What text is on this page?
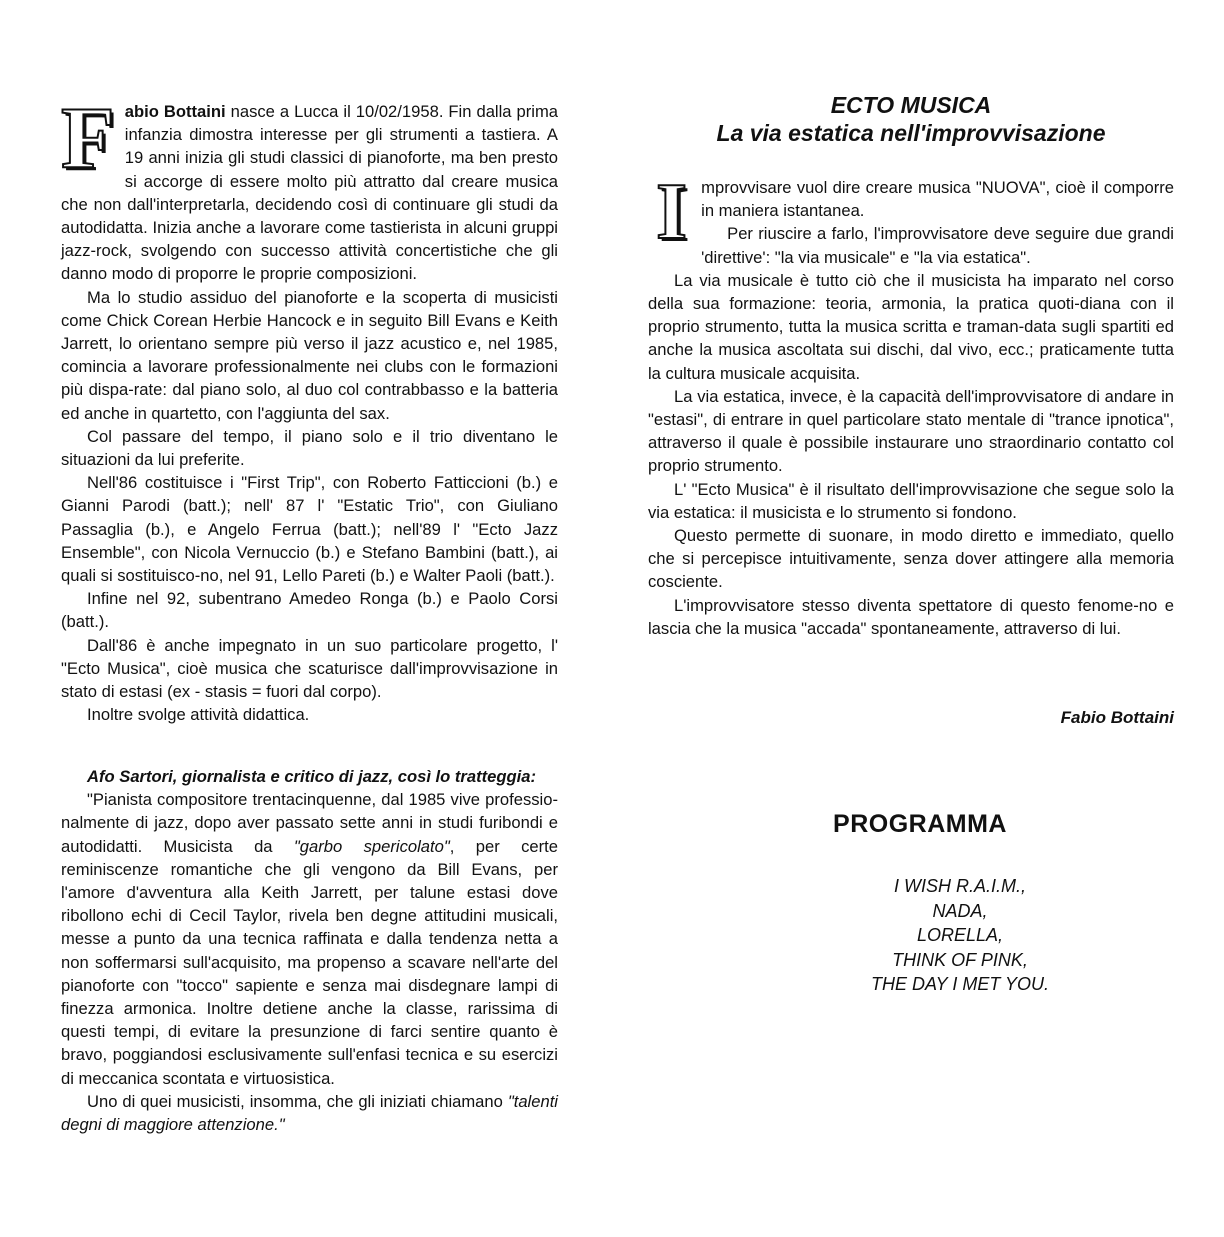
Fabio Bottaini nasce a Lucca il 10/02/1958. Fin dalla prima infanzia dimostra interesse per gli strumenti a tastiera. A 19 anni inizia gli studi classici di pianoforte, ma ben presto si accorge di essere molto più attratto dal creare musica che non dall'interpretarla, decidendo così di continuare gli studi da autodidatta. Inizia anche a lavorare come tastierista in alcuni gruppi jazz-rock, svolgendo con successo attività concertistiche che gli danno modo di proporre le proprie composizioni.

Ma lo studio assiduo del pianoforte e la scoperta di musicisti come Chick Corean Herbie Hancock e in seguito Bill Evans e Keith Jarrett, lo orientano sempre più verso il jazz acustico e, nel 1985, comincia a lavorare professionalmente nei clubs con le formazioni più dispa-rate: dal piano solo, al duo col contrabbasso e la batteria ed anche in quartetto, con l'aggiunta del sax.

Col passare del tempo, il piano solo e il trio diventano le situazioni da lui preferite.

Nell'86 costituisce i "First Trip", con Roberto Fatticcioni (b.) e Gianni Parodi (batt.); nell' 87 l' "Estatic Trio", con Giuliano Passaglia (b.), e Angelo Ferrua (batt.); nell'89 l' "Ecto Jazz Ensemble", con Nicola Vernuccio (b.) e Stefano Bambini (batt.), ai quali si sostituisco-no, nel 91, Lello Pareti (b.) e Walter Paoli (batt.).

Infine nel 92, subentrano Amedeo Ronga (b.) e Paolo Corsi (batt.).

Dall'86 è anche impegnato in un suo particolare progetto, l' "Ecto Musica", cioè musica che scaturisce dall'improvvisazione in stato di estasi (ex - stasis = fuori dal corpo).

Inoltre svolge attività didattica.

Afo Sartori, giornalista e critico di jazz, così lo tratteggia:

"Pianista compositore trentacinquenne, dal 1985 vive professio-nalmente di jazz, dopo aver passato sette anni in studi furibondi e autodidatti. Musicista da "garbo spericolato", per certe reminiscenze romantiche che gli vengono da Bill Evans, per l'amore d'avventura alla Keith Jarrett, per talune estasi dove ribollono echi di Cecil Taylor, rivela ben degne attitudini musicali, messe a punto da una tecnica raffinata e dalla tendenza netta a non soffermarsi sull'acquisito, ma propenso a scavare nell'arte del pianoforte con "tocco" sapiente e senza mai disdegnare lampi di finezza armonica. Inoltre detiene anche la classe, rarissima di questi tempi, di evitare la presunzione di farci sentire quanto è bravo, poggiandosi esclusivamente sull'enfasi tecnica e su esercizi di meccanica scontata e virtuosistica.

Uno di quei musicisti, insomma, che gli iniziati chiamano "talenti degni di maggiore attenzione."

ECTO MUSICA
La via estatica nell'improvvisazione

Improvvisare vuol dire creare musica "NUOVA", cioè il comporre in maniera istantanea.

Per riuscire a farlo, l'improvvisatore deve seguire due grandi 'direttive': "la via musicale" e "la via estatica".

La via musicale è tutto ciò che il musicista ha imparato nel corso della sua formazione: teoria, armonia, la pratica quoti-diana con il proprio strumento, tutta la musica scritta e traman-data sugli spartiti ed anche la musica ascoltata sui dischi, dal vivo, ecc.; praticamente tutta la cultura musicale acquisita.

La via estatica, invece, è la capacità dell'improvvisatore di andare in "estasi", di entrare in quel particolare stato mentale di "trance ipnotica", attraverso il quale è possibile instaurare uno straordinario contatto col proprio strumento.

L' "Ecto Musica" è il risultato dell'improvvisazione che segue solo la via estatica: il musicista e lo strumento si fondono.

Questo permette di suonare, in modo diretto e immediato, quello che si percepisce intuitivamente, senza dover attingere alla memoria cosciente.

L'improvvisatore stesso diventa spettatore di questo fenome-no e lascia che la musica "accada" spontaneamente, attraverso di lui.

Fabio Bottaini

PROGRAMMA
I WISH R.A.I.M.,
NADA,
LORELLA,
THINK OF PINK,
THE DAY I MET YOU.
